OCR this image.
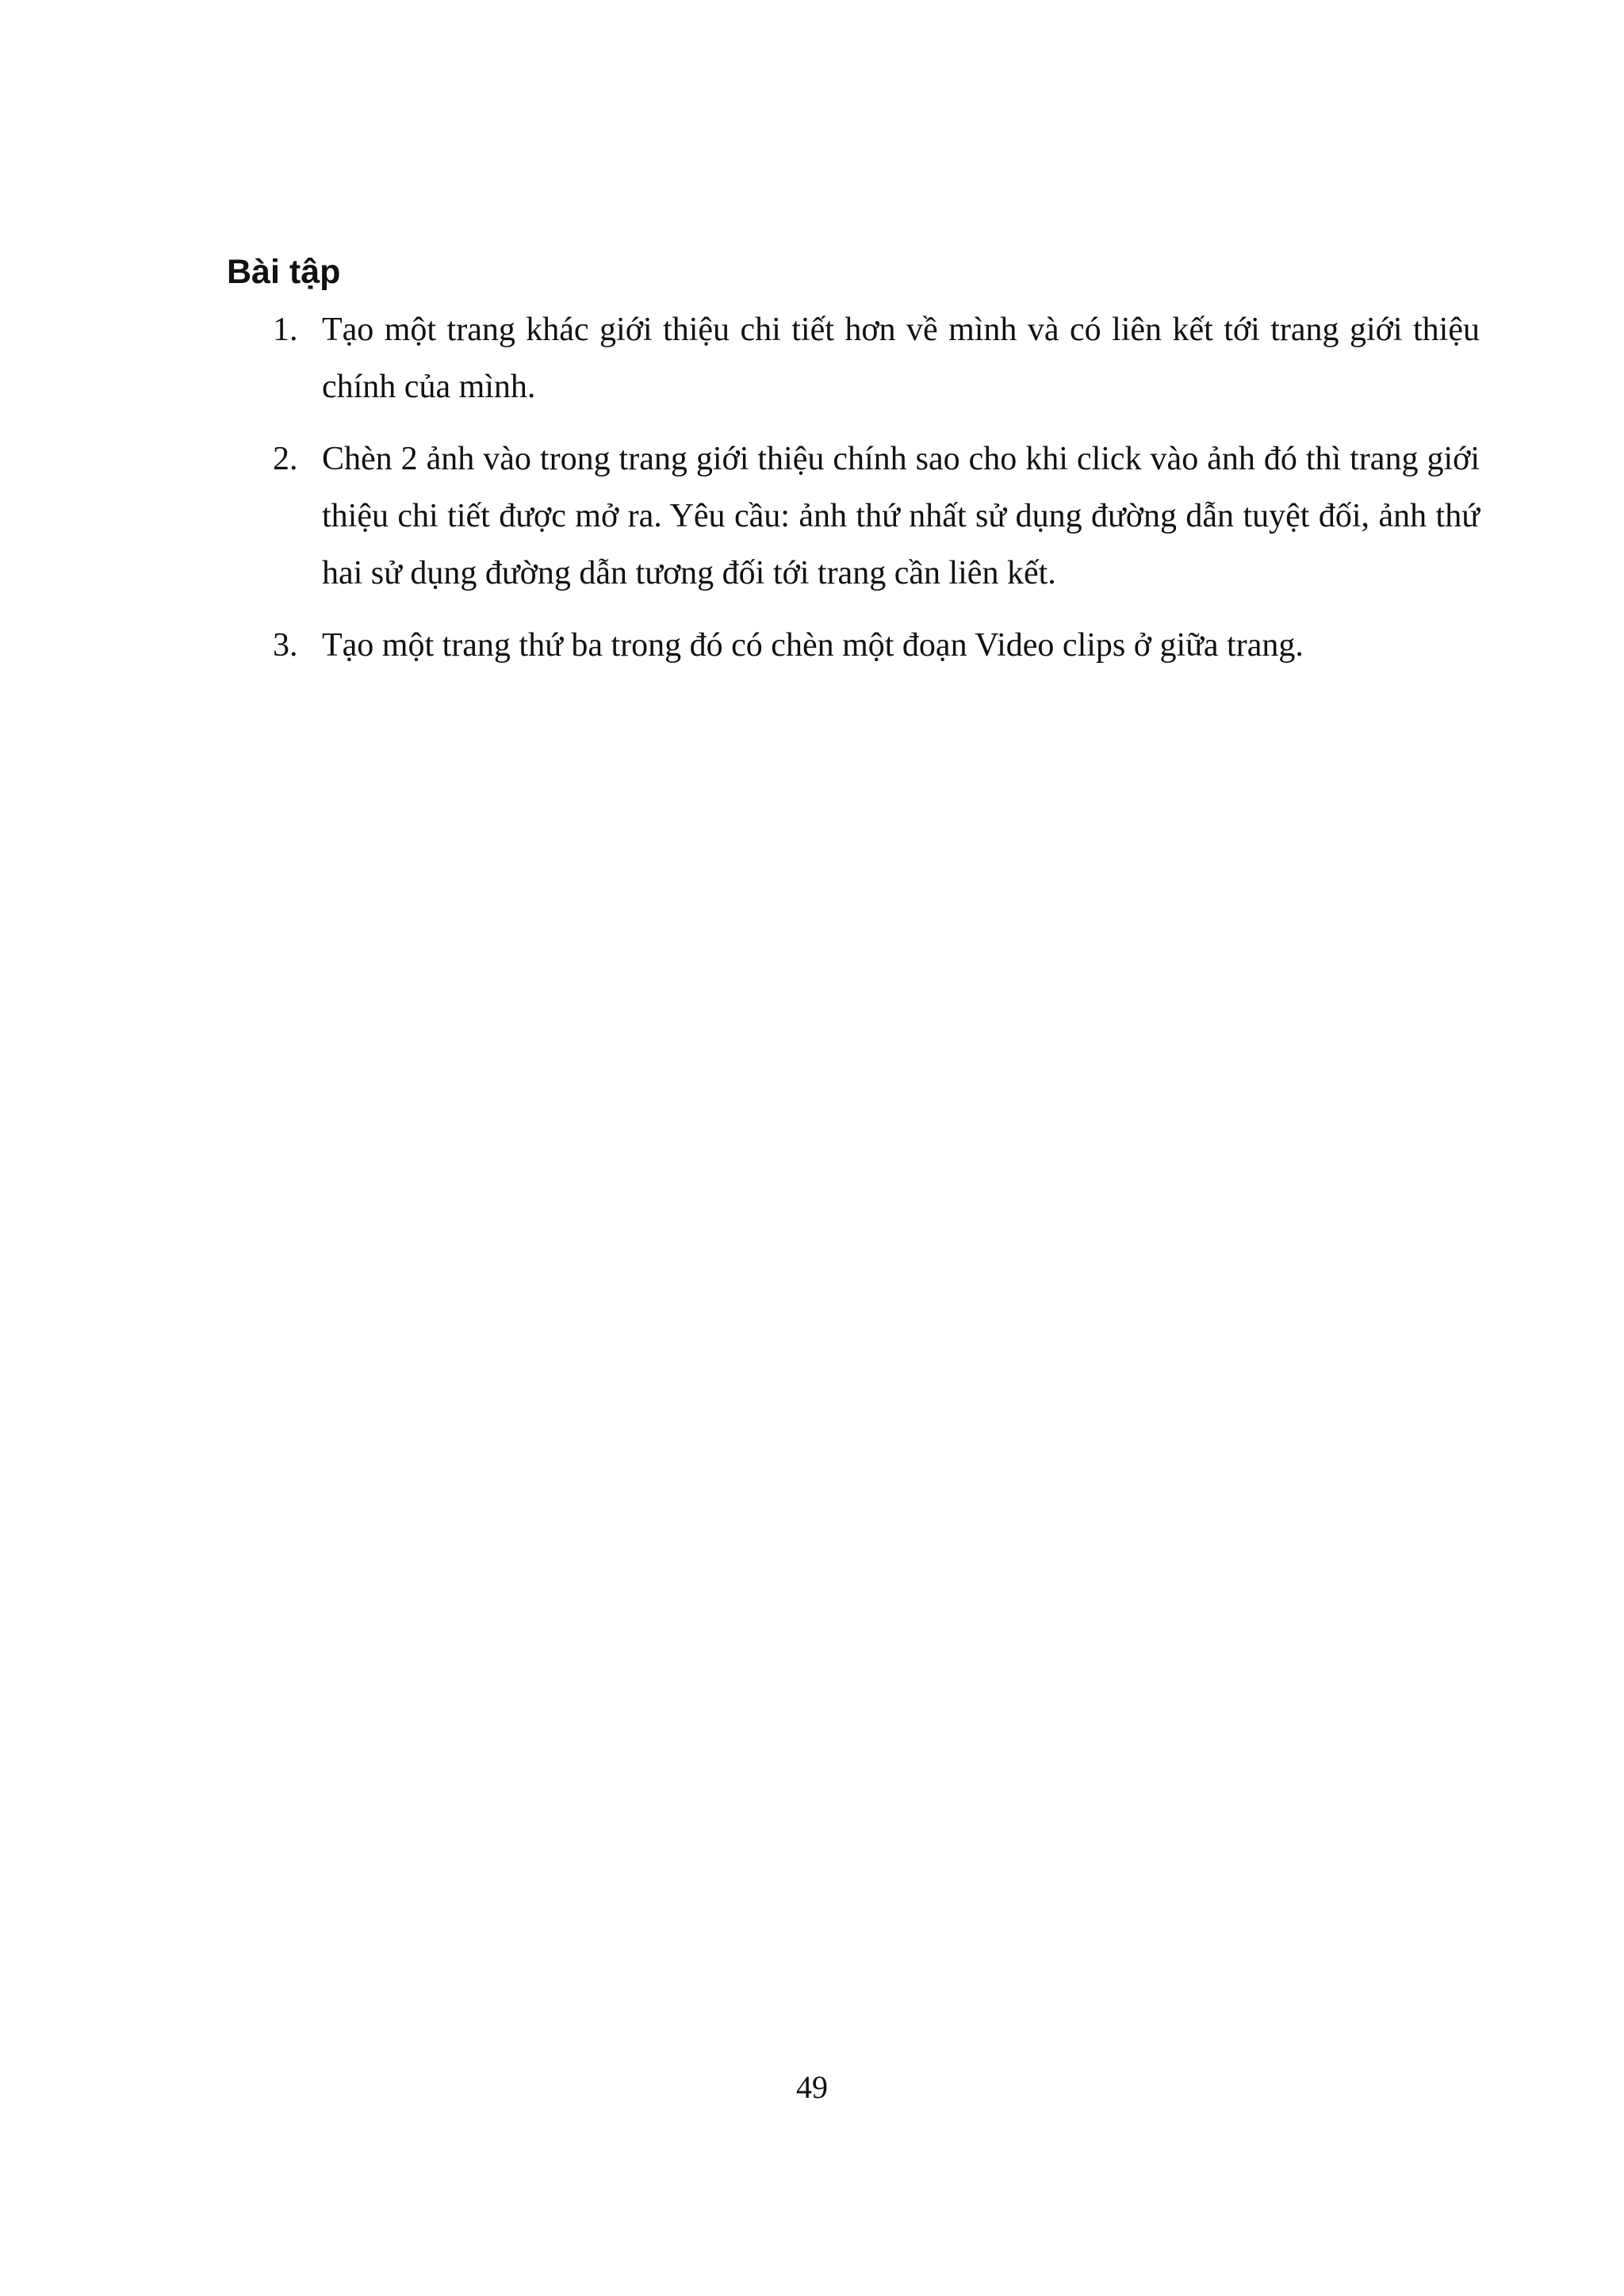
Bài tập
1. Tạo một trang khác giới thiệu chi tiết hơn về mình và có liên kết tới trang giới thiệu chính của mình.
2. Chèn 2 ảnh vào trong trang giới thiệu chính sao cho khi click vào ảnh đó thì trang giới thiệu chi tiết được mở ra. Yêu cầu: ảnh thứ nhất sử dụng đường dẫn tuyệt đối, ảnh thứ hai sử dụng đường dẫn tương đối tới trang cần liên kết.
3. Tạo một trang thứ ba trong đó có chèn một đoạn Video clips ở giữa trang.
49
